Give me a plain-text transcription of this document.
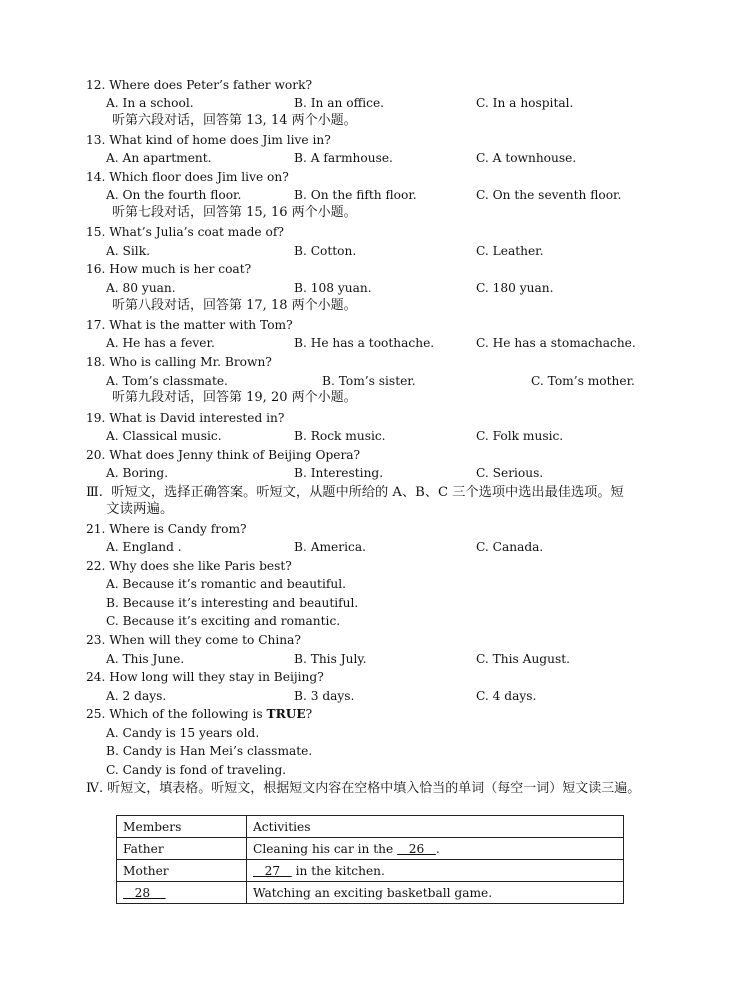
12. Where does Peter’s father work?
A. In a school.	B. In an office.	C. In a hospital.
听第六段对话，回答第 13, 14 两个小题。
13. What kind of home does Jim live in?
A. An apartment.	B. A farmhouse.	C. A townhouse.
14. Which floor does Jim live on?
A. On the fourth floor.	B. On the fifth floor.	C. On the seventh floor.
听第七段对话，回答第 15, 16 两个小题。
15. What’s Julia’s coat made of?
A. Silk.	B. Cotton.	C. Leather.
16. How much is her coat?
A. 80 yuan.	B. 108 yuan.	C. 180 yuan.
听第八段对话，回答第 17, 18 两个小题。
17. What is the matter with Tom?
A. He has a fever.	B. He has a toothache.	C. He has a stomachache.
18. Who is calling Mr. Brown?
A. Tom’s classmate.	B. Tom’s sister.	C. Tom’s mother.
听第九段对话，回答第 19, 20 两个小题。
19. What is David interested in?
A. Classical music.	B. Rock music.	C. Folk music.
20. What does Jenny think of Beijing Opera?
A. Boring.	B. Interesting.	C. Serious.
Ⅲ.  听短文，选择正确答案。听短文，从题中所给的 A、B、C 三个选项中选出最佳选项。短
文读两遍。
21. Where is Candy from?
A. England .	B. America.	C. Canada.
22. Why does she like Paris best?
A. Because it’s romantic and beautiful.
B. Because it’s interesting and beautiful.
C. Because it’s exciting and romantic.
23. When will they come to China?
A. This June.	B. This July.	C. This August.
24. How long will they stay in Beijing?
A. 2 days.	B. 3 days.	C. 4 days.
25. Which of the following is TRUE?
A. Candy is 15 years old.
B. Candy is Han Mei’s classmate.
C. Candy is fond of traveling.
Ⅳ. 听短文，填表格。听短文，根据短文内容在空格中填入恰当的单词（每空一词）短文读三遍。
Members	Activities
Father	Cleaning his car in the    26   .
Mother	27    in the kitchen.
28	Watching an exciting basketball game.
